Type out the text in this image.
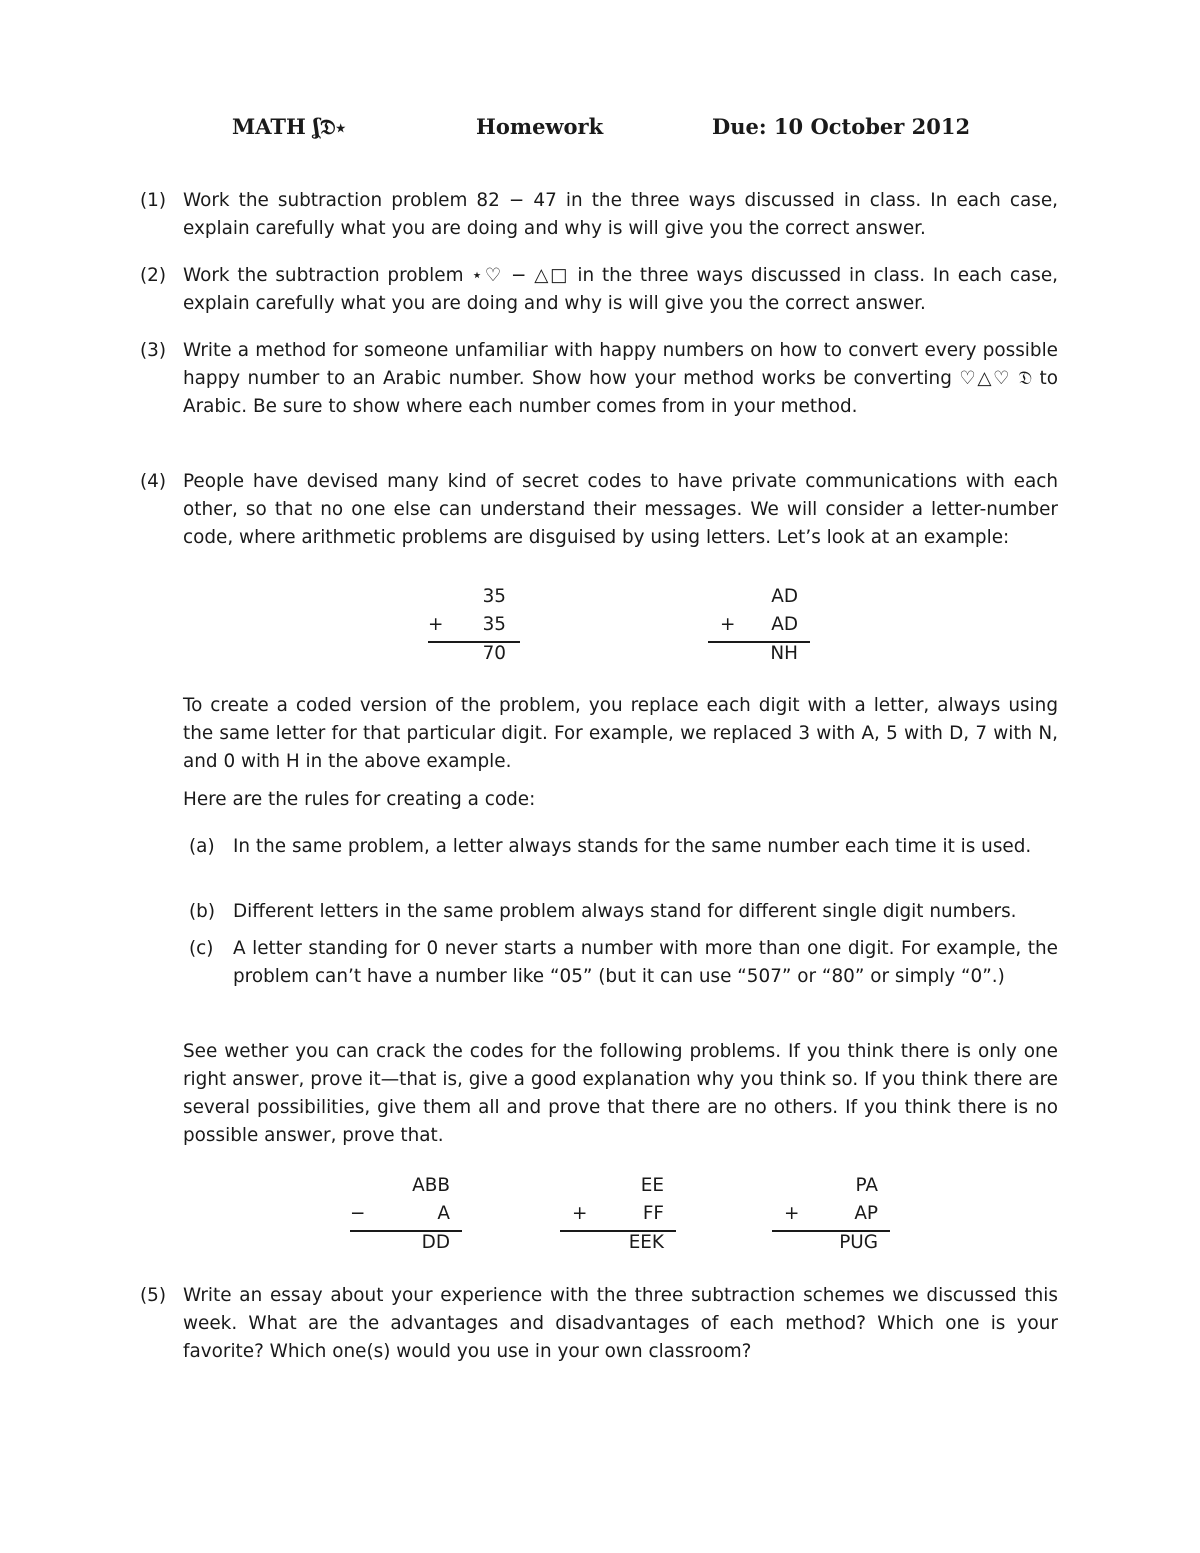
MATH ʆ𝔇⋆	Homework	Due: 10 October 2012
(1) Work the subtraction problem 82 − 47 in the three ways discussed in class. In each case, explain carefully what you are doing and why is will give you the correct answer.
(2) Work the subtraction problem ⋆♡ − △□ in the three ways discussed in class. In each case, explain carefully what you are doing and why is will give you the correct answer.
(3) Write a method for someone unfamiliar with happy numbers on how to convert every possible happy number to an Arabic number. Show how your method works be converting ♡△♡ 𝔇 to Arabic. Be sure to show where each number comes from in your method.
(4) People have devised many kind of secret codes to have private communications with each other, so that no one else can understand their messages. We will consider a letter-number code, where arithmetic problems are disguised by using letters. Let’s look at an example:
35
+ 35
70
AD
+ AD
NH
To create a coded version of the problem, you replace each digit with a letter, always using the same letter for that particular digit. For example, we replaced 3 with A, 5 with D, 7 with N, and 0 with H in the above example.
Here are the rules for creating a code:
(a) In the same problem, a letter always stands for the same number each time it is used.
(b) Different letters in the same problem always stand for different single digit numbers.
(c) A letter standing for 0 never starts a number with more than one digit. For example, the problem can’t have a number like “05” (but it can use “507” or “80” or simply “0”.)
See wether you can crack the codes for the following problems. If you think there is only one right answer, prove it—that is, give a good explanation why you think so. If you think there are several possibilities, give them all and prove that there are no others. If you think there is no possible answer, prove that.
ABB
−	A
DD
EE
+	FF
EEK
PA
+	AP
PUG
(5) Write an essay about your experience with the three subtraction schemes we discussed this week. What are the advantages and disadvantages of each method? Which one is your favorite? Which one(s) would you use in your own classroom?
